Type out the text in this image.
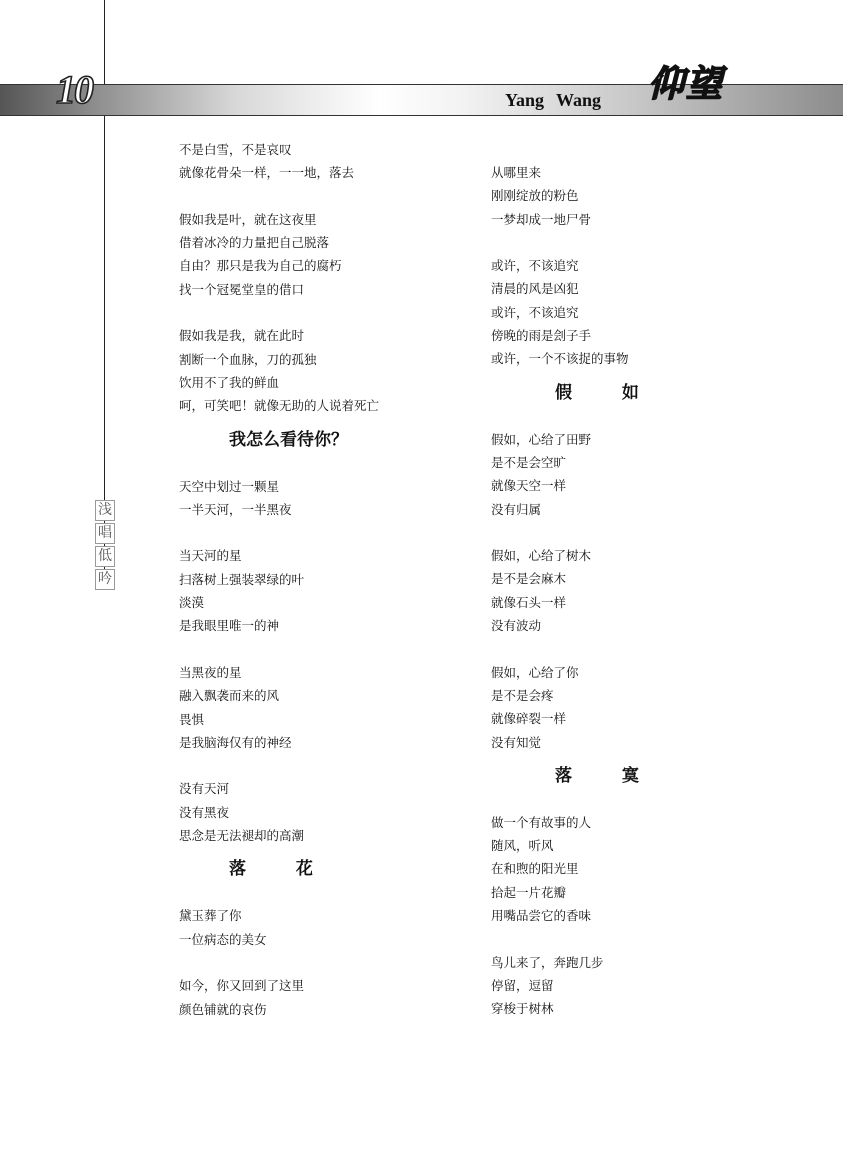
10	Yang Wang 仰望
浅
唱
低
吟
不是白雪，不是哀叹
就像花骨朵一样，一一地，落去
假如我是叶，就在这夜里
借着冰冷的力量把自己脱落
自由？那只是我为自己的腐朽
找一个冠冕堂皇的借口
假如我是我，就在此时
割断一个血脉，刀的孤独
饮用不了我的鲜血
呵，可笑吧！就像无助的人说着死亡
我怎么看待你？
天空中划过一颗星
一半天河，一半黑夜
当天河的星
扫落树上强装翠绿的叶
淡漠
是我眼里唯一的神
当黑夜的星
融入飘袭而来的风
畏惧
是我脑海仅有的神经
没有天河
没有黑夜
思念是无法褪却的高潮
落 花
黛玉葬了你
一位病态的美女
如今，你又回到了这里
颜色铺就的哀伤
从哪里来
刚刚绽放的粉色
一梦却成一地尸骨
或许，不该追究
清晨的风是凶犯
或许，不该追究
傍晚的雨是刽子手
或许，一个不该捉的事物
假 如
假如，心给了田野
是不是会空旷
就像天空一样
没有归属
假如，心给了树木
是不是会麻木
就像石头一样
没有波动
假如，心给了你
是不是会疼
就像碎裂一样
没有知觉
落 寞
做一个有故事的人
随风，听风
在和煦的阳光里
拾起一片花瓣
用嘴品尝它的香味
鸟儿来了，奔跑几步
停留，逗留
穿梭于树林
